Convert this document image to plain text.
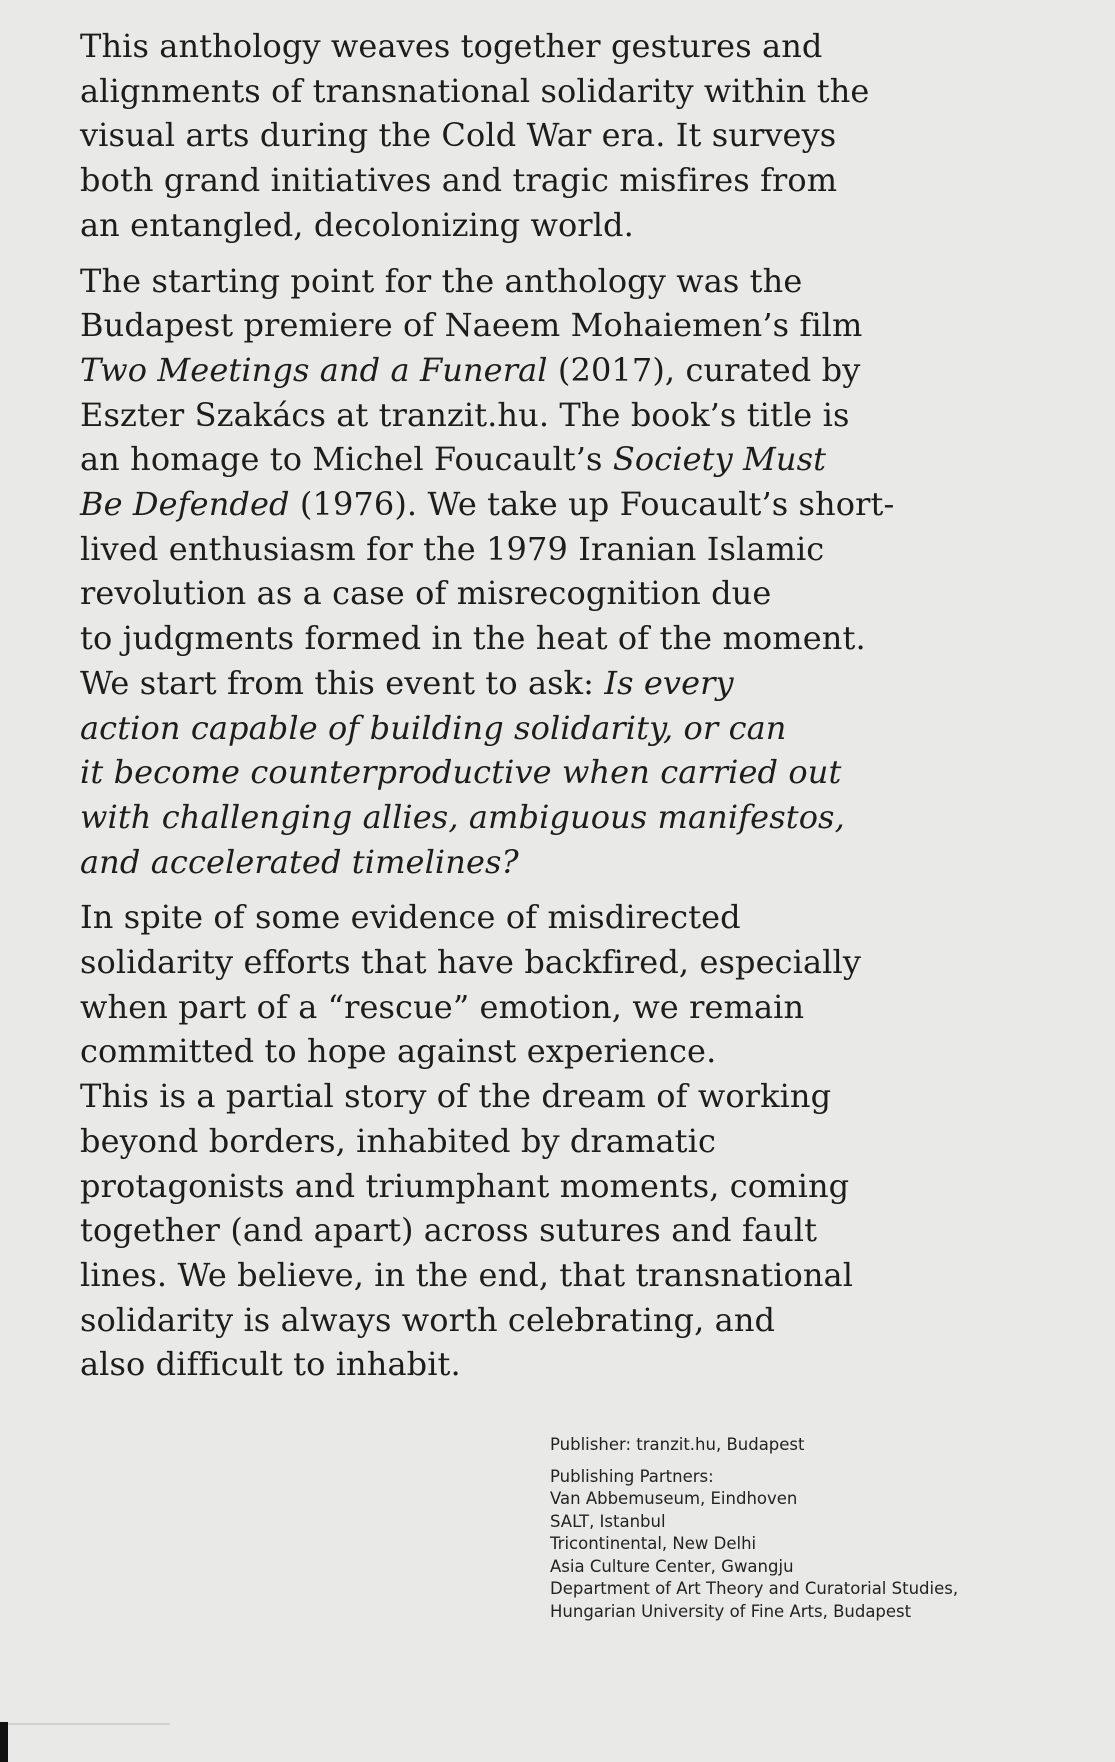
This anthology weaves together gestures and
alignments of transnational solidarity within the
visual arts during the Cold War era. It surveys
both grand initiatives and tragic misfires from
an entangled, decolonizing world.

The starting point for the anthology was the
Budapest premiere of Naeem Mohaiemen’s film
Two Meetings and a Funeral (2017), curated by
Eszter Szakács at tranzit.hu. The book’s title is
an homage to Michel Foucault’s Society Must
Be Defended (1976). We take up Foucault’s short-
lived enthusiasm for the 1979 Iranian Islamic
revolution as a case of misrecognition due
to judgments formed in the heat of the moment.
We start from this event to ask: Is every
action capable of building solidarity, or can
it become counterproductive when carried out
with challenging allies, ambiguous manifestos,
and accelerated timelines?

In spite of some evidence of misdirected
solidarity efforts that have backfired, especially
when part of a “rescue” emotion, we remain
committed to hope against experience.
This is a partial story of the dream of working
beyond borders, inhabited by dramatic
protagonists and triumphant moments, coming
together (and apart) across sutures and fault
lines. We believe, in the end, that transnational
solidarity is always worth celebrating, and
also difficult to inhabit.

Publisher: tranzit.hu, Budapest

Publishing Partners:
Van Abbemuseum, Eindhoven
SALT, Istanbul
Tricontinental, New Delhi
Asia Culture Center, Gwangju
Department of Art Theory and Curatorial Studies,
Hungarian University of Fine Arts, Budapest
